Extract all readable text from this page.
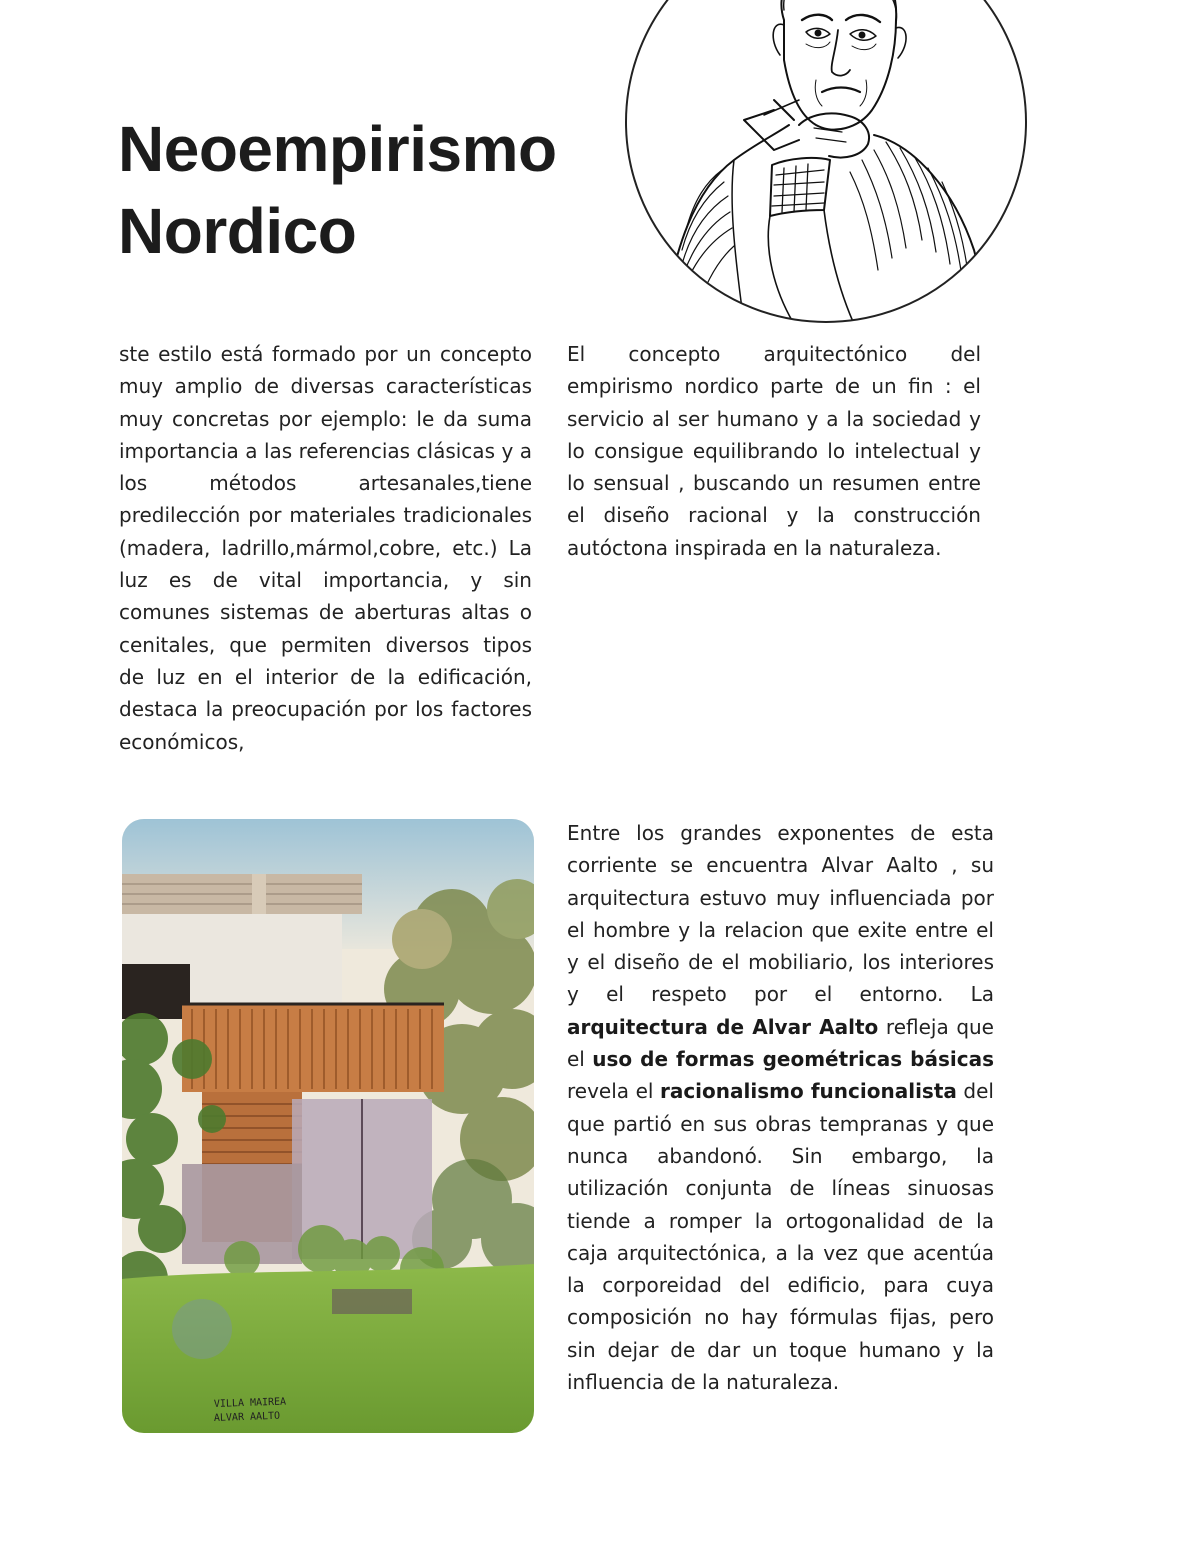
Neoempirismo
Nordico

ste estilo está formado por un concepto muy amplio de diversas características muy concretas por ejemplo: le da suma importancia a las referencias clásicas y a los métodos artesanales,tiene predilección por materiales tradicionales (madera, ladrillo,mármol,cobre, etc.) La luz es de vital importancia, y sin comunes sistemas de aberturas altas o cenitales, que permiten diversos tipos de luz en el interior de la edificación, destaca la preocupación por los factores económicos,

El concepto arquitectónico del empirismo nordico parte de un fin : el servicio al ser humano y a la sociedad y lo consigue equilibrando lo intelectual y lo sensual , buscando un resumen entre el diseño racional y la construcción autóctona inspirada en la naturaleza.

VILLA MAIREA
ALVAR AALTO

Entre los grandes exponentes de esta corriente se encuentra Alvar Aalto , su arquitectura estuvo muy influenciada por el hombre y la relacion que exite entre el y el diseño de el mobiliario, los interiores y el respeto por el entorno. La arquitectura de Alvar Aalto refleja que el uso de formas geométricas básicas revela el racionalismo funcionalista del que partió en sus obras tempranas y que nunca abandonó. Sin embargo, la utilización conjunta de líneas sinuosas tiende a romper la ortogonalidad de la caja arquitectónica, a la vez que acentúa la corporeidad del edificio, para cuya composición no hay fórmulas fijas, pero sin dejar de dar un toque humano y la influencia de la naturaleza.
